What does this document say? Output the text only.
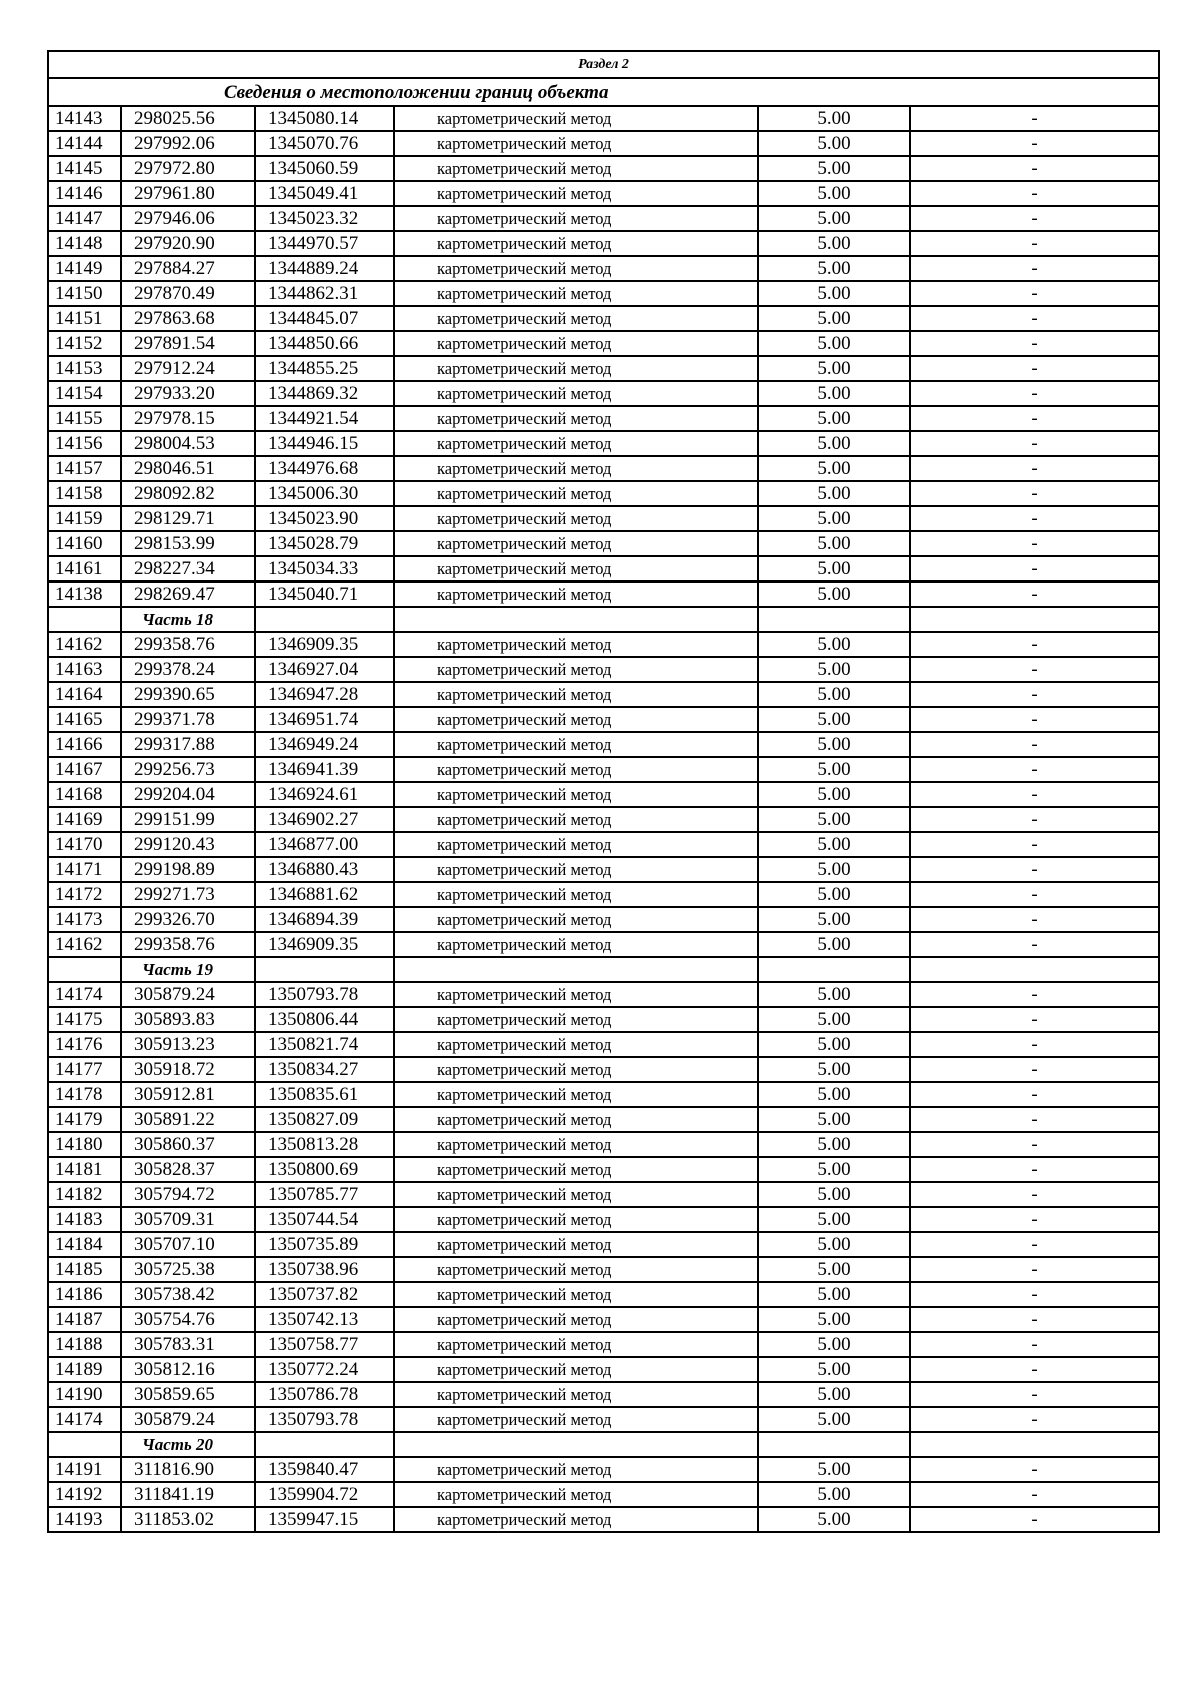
Раздел 2					
Сведения о местоположении границ объекта					
14143	298025.56	1345080.14	картометрический метод	5.00	-
14144	297992.06	1345070.76	картометрический метод	5.00	-
14145	297972.80	1345060.59	картометрический метод	5.00	-
14146	297961.80	1345049.41	картометрический метод	5.00	-
14147	297946.06	1345023.32	картометрический метод	5.00	-
14148	297920.90	1344970.57	картометрический метод	5.00	-
14149	297884.27	1344889.24	картометрический метод	5.00	-
14150	297870.49	1344862.31	картометрический метод	5.00	-
14151	297863.68	1344845.07	картометрический метод	5.00	-
14152	297891.54	1344850.66	картометрический метод	5.00	-
14153	297912.24	1344855.25	картометрический метод	5.00	-
14154	297933.20	1344869.32	картометрический метод	5.00	-
14155	297978.15	1344921.54	картометрический метод	5.00	-
14156	298004.53	1344946.15	картометрический метод	5.00	-
14157	298046.51	1344976.68	картометрический метод	5.00	-
14158	298092.82	1345006.30	картометрический метод	5.00	-
14159	298129.71	1345023.90	картометрический метод	5.00	-
14160	298153.99	1345028.79	картометрический метод	5.00	-
14161	298227.34	1345034.33	картометрический метод	5.00	-
14138	298269.47	1345040.71	картометрический метод	5.00	-
	Часть 18				
14162	299358.76	1346909.35	картометрический метод	5.00	-
14163	299378.24	1346927.04	картометрический метод	5.00	-
14164	299390.65	1346947.28	картометрический метод	5.00	-
14165	299371.78	1346951.74	картометрический метод	5.00	-
14166	299317.88	1346949.24	картометрический метод	5.00	-
14167	299256.73	1346941.39	картометрический метод	5.00	-
14168	299204.04	1346924.61	картометрический метод	5.00	-
14169	299151.99	1346902.27	картометрический метод	5.00	-
14170	299120.43	1346877.00	картометрический метод	5.00	-
14171	299198.89	1346880.43	картометрический метод	5.00	-
14172	299271.73	1346881.62	картометрический метод	5.00	-
14173	299326.70	1346894.39	картометрический метод	5.00	-
14162	299358.76	1346909.35	картометрический метод	5.00	-
	Часть 19				
14174	305879.24	1350793.78	картометрический метод	5.00	-
14175	305893.83	1350806.44	картометрический метод	5.00	-
14176	305913.23	1350821.74	картометрический метод	5.00	-
14177	305918.72	1350834.27	картометрический метод	5.00	-
14178	305912.81	1350835.61	картометрический метод	5.00	-
14179	305891.22	1350827.09	картометрический метод	5.00	-
14180	305860.37	1350813.28	картометрический метод	5.00	-
14181	305828.37	1350800.69	картометрический метод	5.00	-
14182	305794.72	1350785.77	картометрический метод	5.00	-
14183	305709.31	1350744.54	картометрический метод	5.00	-
14184	305707.10	1350735.89	картометрический метод	5.00	-
14185	305725.38	1350738.96	картометрический метод	5.00	-
14186	305738.42	1350737.82	картометрический метод	5.00	-
14187	305754.76	1350742.13	картометрический метод	5.00	-
14188	305783.31	1350758.77	картометрический метод	5.00	-
14189	305812.16	1350772.24	картометрический метод	5.00	-
14190	305859.65	1350786.78	картометрический метод	5.00	-
14174	305879.24	1350793.78	картометрический метод	5.00	-
	Часть 20				
14191	311816.90	1359840.47	картометрический метод	5.00	-
14192	311841.19	1359904.72	картометрический метод	5.00	-
14193	311853.02	1359947.15	картометрический метод	5.00	-
